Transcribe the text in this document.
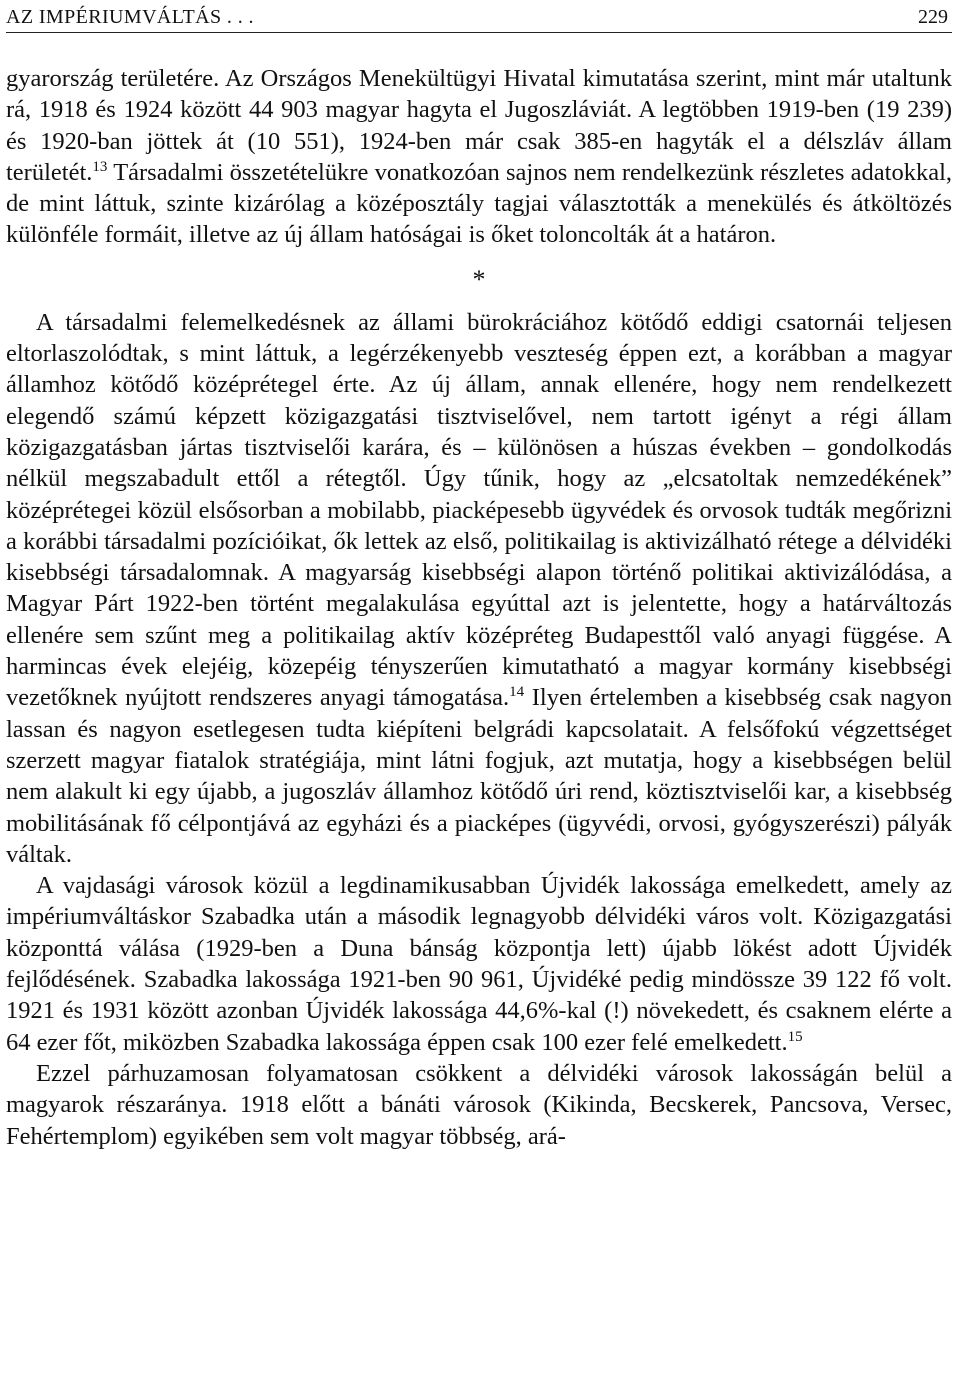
AZ IMPÉRIUMVÁLTÁS . . .	229

gyarország területére. Az Országos Menekültügyi Hivatal kimutatása szerint, mint már utaltunk rá, 1918 és 1924 között 44 903 magyar hagyta el Jugoszláviát. A legtöbben 1919-ben (19 239) és 1920-ban jöttek át (10 551), 1924-ben már csak 385-en hagyták el a délszláv állam területét.$^{13}$ Társadalmi összetételükre vonatkozóan sajnos nem rendelkezünk részletes adatokkal, de mint láttuk, szinte kizárólag a középosztály tagjai választották a menekülés és átköltözés különféle formáit, illetve az új állam hatóságai is őket toloncolták át a határon.

*

A társadalmi felemelkedésnek az állami bürokráciához kötődő eddigi csatornái teljesen eltorlaszolódtak, s mint láttuk, a legérzékenyebb veszteség éppen ezt, a korábban a magyar államhoz kötődő középrétegel érte. Az új állam, annak ellenére, hogy nem rendelkezett elegendő számú képzett közigazgatási tisztviselővel, nem tartott igényt a régi állam közigazgatásban jártas tisztviselői karára, és – különösen a húszas években – gondolkodás nélkül megszabadult ettől a rétegtől. Úgy tűnik, hogy az „elcsatoltak nemzedékének” középrétegei közül elsősorban a mobilabb, piacképesebb ügyvédek és orvosok tudták megőrizni a korábbi társadalmi pozícióikat, ők lettek az első, politikailag is aktivizálható rétege a délvidéki kisebbségi társadalomnak. A magyarság kisebbségi alapon történő politikai aktivizálódása, a Magyar Párt 1922-ben történt megalakulása egyúttal azt is jelentette, hogy a határváltozás ellenére sem szűnt meg a politikailag aktív középréteg Budapesttől való anyagi függése. A harmincas évek elejéig, közepéig tényszerűen kimutatható a magyar kormány kisebbségi vezetőknek nyújtott rendszeres anyagi támogatása.$^{14}$ Ilyen értelemben a kisebbség csak nagyon lassan és nagyon esetlegesen tudta kiépíteni belgrádi kapcsolatait. A felsőfokú végzettséget szerzett magyar fiatalok stratégiája, mint látni fogjuk, azt mutatja, hogy a kisebbségen belül nem alakult ki egy újabb, a jugoszláv államhoz kötődő úri rend, köztisztviselői kar, a kisebbség mobilitásának fő célpontjává az egyházi és a piacképes (ügyvédi, orvosi, gyógyszerészi) pályák váltak.

A vajdasági városok közül a legdinamikusabban Újvidék lakossága emelkedett, amely az impériumváltáskor Szabadka után a második legnagyobb délvidéki város volt. Közigazgatási központtá válása (1929-ben a Duna bánság központja lett) újabb lökést adott Újvidék fejlődésének. Szabadka lakossága 1921-ben 90 961, Újvidéké pedig mindössze 39 122 fő volt. 1921 és 1931 között azonban Újvidék lakossága 44,6%-kal (!) növekedett, és csaknem elérte a 64 ezer főt, miközben Szabadka lakossága éppen csak 100 ezer felé emelkedett.$^{15}$

Ezzel párhuzamosan folyamatosan csökkent a délvidéki városok lakosságán belül a magyarok részaránya. 1918 előtt a bánáti városok (Kikinda, Becskerek, Pancsova, Versec, Fehértemplom) egyikében sem volt magyar többség, ará-
